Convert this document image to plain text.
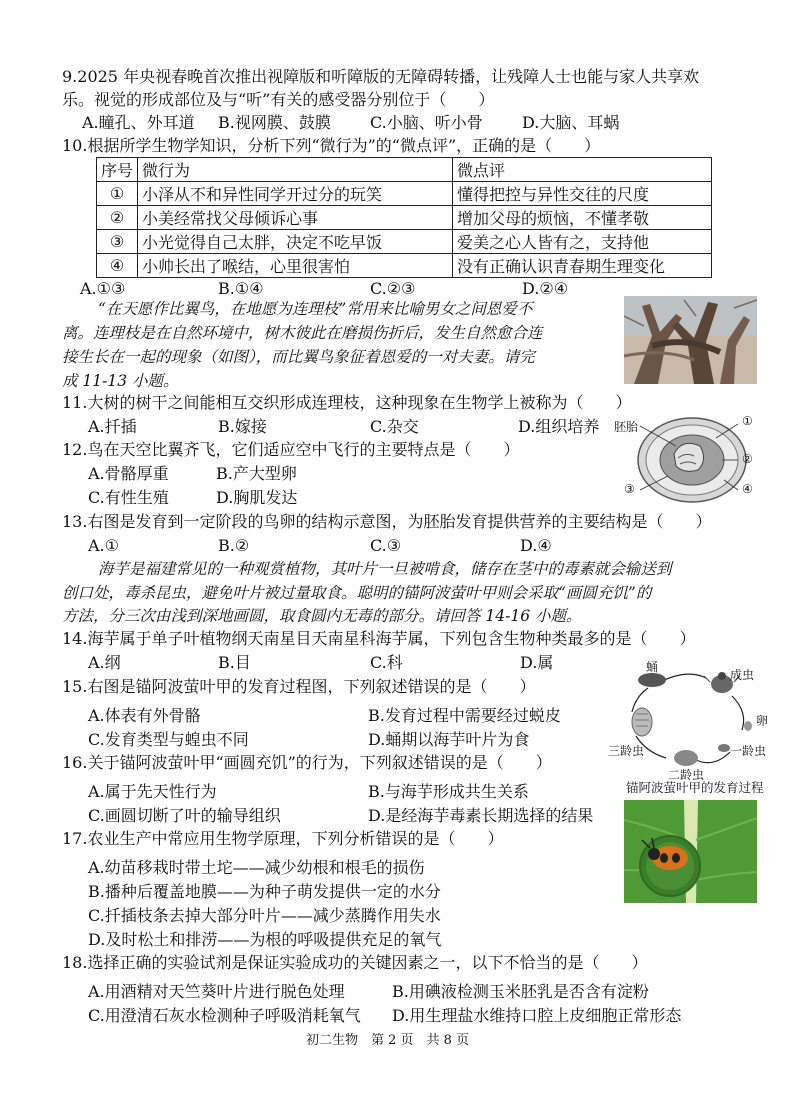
9.2025 年央视春晚首次推出视障版和听障版的无障碍转播，让残障人士也能与家人共享欢
乐。视觉的形成部位及与“听”有关的感受器分别位于（　　）
A.瞳孔、外耳道 B.视网膜、鼓膜 C.小脑、听小骨 D.大脑、耳蜗
10.根据所学生物学知识，分析下列“微行为”的“微点评”，正确的是（　　）
序号	微行为	微点评
①	小泽从不和异性同学开过分的玩笑	懂得把控与异性交往的尺度
②	小美经常找父母倾诉心事	增加父母的烦恼，不懂孝敬
③	小光觉得自己太胖，决定不吃早饭	爱美之心人皆有之，支持他
④	小帅长出了喉结，心里很害怕	没有正确认识青春期生理变化
A.①③	B.①④	C.②③	D.②④
“在天愿作比翼鸟，在地愿为连理枝”常用来比喻男女之间恩爱不
离。连理枝是在自然环境中，树木彼此在磨损伤折后，发生自然愈合连
接生长在一起的现象（如图），而比翼鸟象征着恩爱的一对夫妻。请完
成 11-13 小题。
11.大树的树干之间能相互交织形成连理枝，这种现象在生物学上被称为（　　）
A.扦插	B.嫁接	C.杂交	D.组织培养 胚胎	①
②
③	④
12.鸟在天空比翼齐飞，它们适应空中飞行的主要特点是（　　）
A.骨骼厚重	B.产大型卵
C.有性生殖	D.胸肌发达
13.右图是发育到一定阶段的鸟卵的结构示意图，为胚胎发育提供营养的主要结构是（　　）
A.①	B.②	C.③	D.④
海芋是福建常见的一种观赏植物，其叶片一旦被啃食，储存在茎中的毒素就会输送到
创口处，毒杀昆虫，避免叶片被过量取食。聪明的锚阿波萤叶甲则会采取“画圆充饥”的
方法，分三次由浅到深地画圆，取食圆内无毒的部分。请回答 14-16 小题。
14.海芋属于单子叶植物纲天南星目天南星科海芋属，下列包含生物种类最多的是（　　）
A.纲	B.目	C.科	D.属	蛹
成虫
卵
一龄虫
二龄虫
三龄虫
锚阿波萤叶甲的发育过程
15.右图是锚阿波萤叶甲的发育过程图，下列叙述错误的是（　　）
A.体表有外骨骼	B.发育过程中需要经过蜕皮
C.发育类型与蝗虫不同	D.蛹期以海芋叶片为食
16.关于锚阿波萤叶甲“画圆充饥”的行为，下列叙述错误的是（　　）
A.属于先天性行为	B.与海芋形成共生关系
C.画圆切断了叶的输导组织	D.是经海芋毒素长期选择的结果
17.农业生产中常应用生物学原理，下列分析错误的是（　　）
A.幼苗移栽时带土坨——减少幼根和根毛的损伤
B.播种后覆盖地膜——为种子萌发提供一定的水分
C.扦插枝条去掉大部分叶片——减少蒸腾作用失水
D.及时松土和排涝——为根的呼吸提供充足的氧气
18.选择正确的实验试剂是保证实验成功的关键因素之一，以下不恰当的是（　　）
A.用酒精对天竺葵叶片进行脱色处理	B.用碘液检测玉米胚乳是否含有淀粉
C.用澄清石灰水检测种子呼吸消耗氧气 D.用生理盐水维持口腔上皮细胞正常形态
初二生物　第 2 页　共 8 页
